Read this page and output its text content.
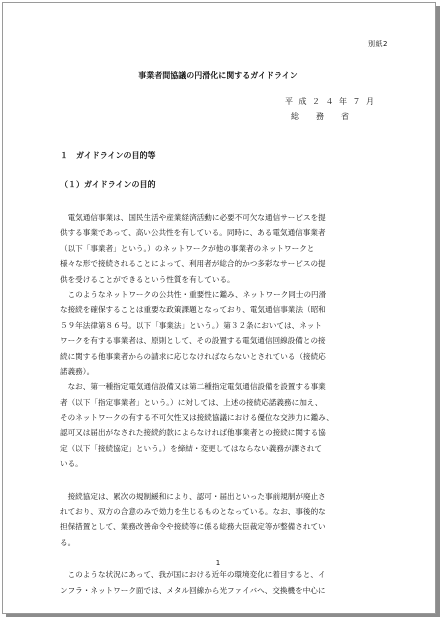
別紙2
事業者間協議の円滑化に関するガイドライン
平成２４年７月
総務省
１　ガイドラインの目的等
（１）ガイドラインの目的
　電気通信事業は、国民生活や産業経済活動に必要不可欠な通信サービスを提
供する事業であって、高い公共性を有している。同時に、ある電気通信事業者
（以下「事業者」という。）のネットワークが他の事業者のネットワークと
様々な形で接続されることによって、利用者が総合的かつ多彩なサービスの提
供を受けることができるという性質を有している。
　このようなネットワークの公共性・重要性に鑑み、ネットワーク同士の円滑
な接続を確保することは重要な政策課題となっており、電気通信事業法（昭和
５９年法律第８６号。以下「事業法」という。）第３２条においては、ネット
ワークを有する事業者は、原則として、その設置する電気通信回線設備との接
続に関する他事業者からの請求に応じなければならないとされている（接続応
諾義務）。
　なお、第一種指定電気通信設備又は第二種指定電気通信設備を設置する事業
者（以下「指定事業者」という。）に対しては、上述の接続応諾義務に加え、
そのネットワークの有する不可欠性又は接続協議における優位な交渉力に鑑み、
認可又は届出がなされた接続約款によらなければ他事業者との接続に関する協
定（以下「接続協定」という。）を締結・変更してはならない義務が課されて
いる。
　接続協定は、累次の規制緩和により、認可・届出といった事前規制が廃止さ
れており、双方の合意のみで効力を生じるものとなっている。なお、事後的な
担保措置として、業務改善命令や接続等に係る総務大臣裁定等が整備されてい
る。
　このような状況にあって、我が国における近年の環境変化に着目すると、イ
ンフラ・ネットワーク面では、メタル回線から光ファイバへ、交換機を中心に
1
